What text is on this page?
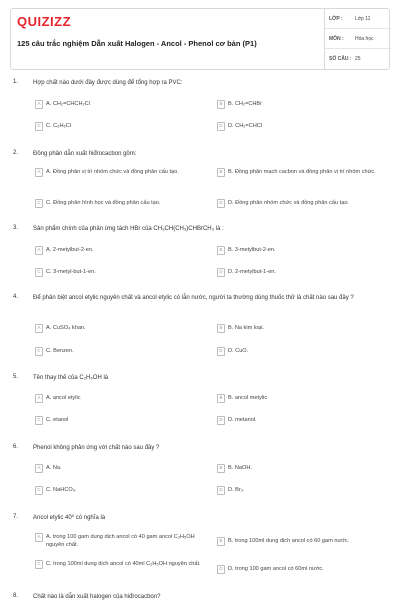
QUIZIZZ
125 câu trắc nghiệm Dẫn xuất Halogen - Ancol - Phenol cơ bản (P1)
LỚP :	Lớp 11
MÔN :	Hóa học
SỐ CÂU : 25
1. Hợp chất nào dưới đây được dùng để tổng hợp ra PVC:
A A. CH₂=CHCH₂Cl	B B. CH₂=CHBr
C C. C₆H₅Cl	D D. CH₂=CHCl
2. Đồng phân dẫn xuất hiđrocacbon gồm:
A A. Đồng phân vị trí nhóm chức và đồng phân cấu tạo.	B B. Đồng phân mạch cacbon và đồng phân vị trí nhóm chức.
C C. Đồng phân hình học và đồng phân cấu tạo.	D D. Đồng phân nhóm chức và đồng phân cấu tạo.
3. Sản phẩm chính của phản ứng tách HBr của CH₃CH(CH₃)CHBrCH₃ là :
A A. 2-metylbut-2-en.	B B. 3-metylbut-2-en.
C C. 3-metyl-but-1-en.	D D. 2-metylbut-1-en.
4. Để phân biệt ancol etylic nguyên chất và ancol etylic có lẫn nước, người ta thường dùng thuốc thử là chất nào sau đây ?
A A. CuSO₄ khan.	B B. Na kim loại.
C C. Benzen.	D D. CuO.
5. Tên thay thế của C₂H₅OH là
A A. ancol etylic	B B. ancol metylic
C C. etanol	D D. metanol.
6. Phenol không phản ứng với chất nào sau đây ?
A A. Na.	B B. NaOH.
C C. NaHCO₃.	D D. Br₂.
7. Ancol etylic 40⁰ có nghĩa là
A A. trong 100 gam dung dịch ancol có 40 gam ancol C₂H₅OH nguyên chất.
B B. trong 100ml dung dịch ancol có 60 gam nước.
C C. trong 100ml dung dịch ancol có 40ml C₂H₅OH nguyên chất.
D D. trong 100 gam ancol có 60ml nước.
8. Chất nào là dẫn xuất halogen của hiđrocacbon?
